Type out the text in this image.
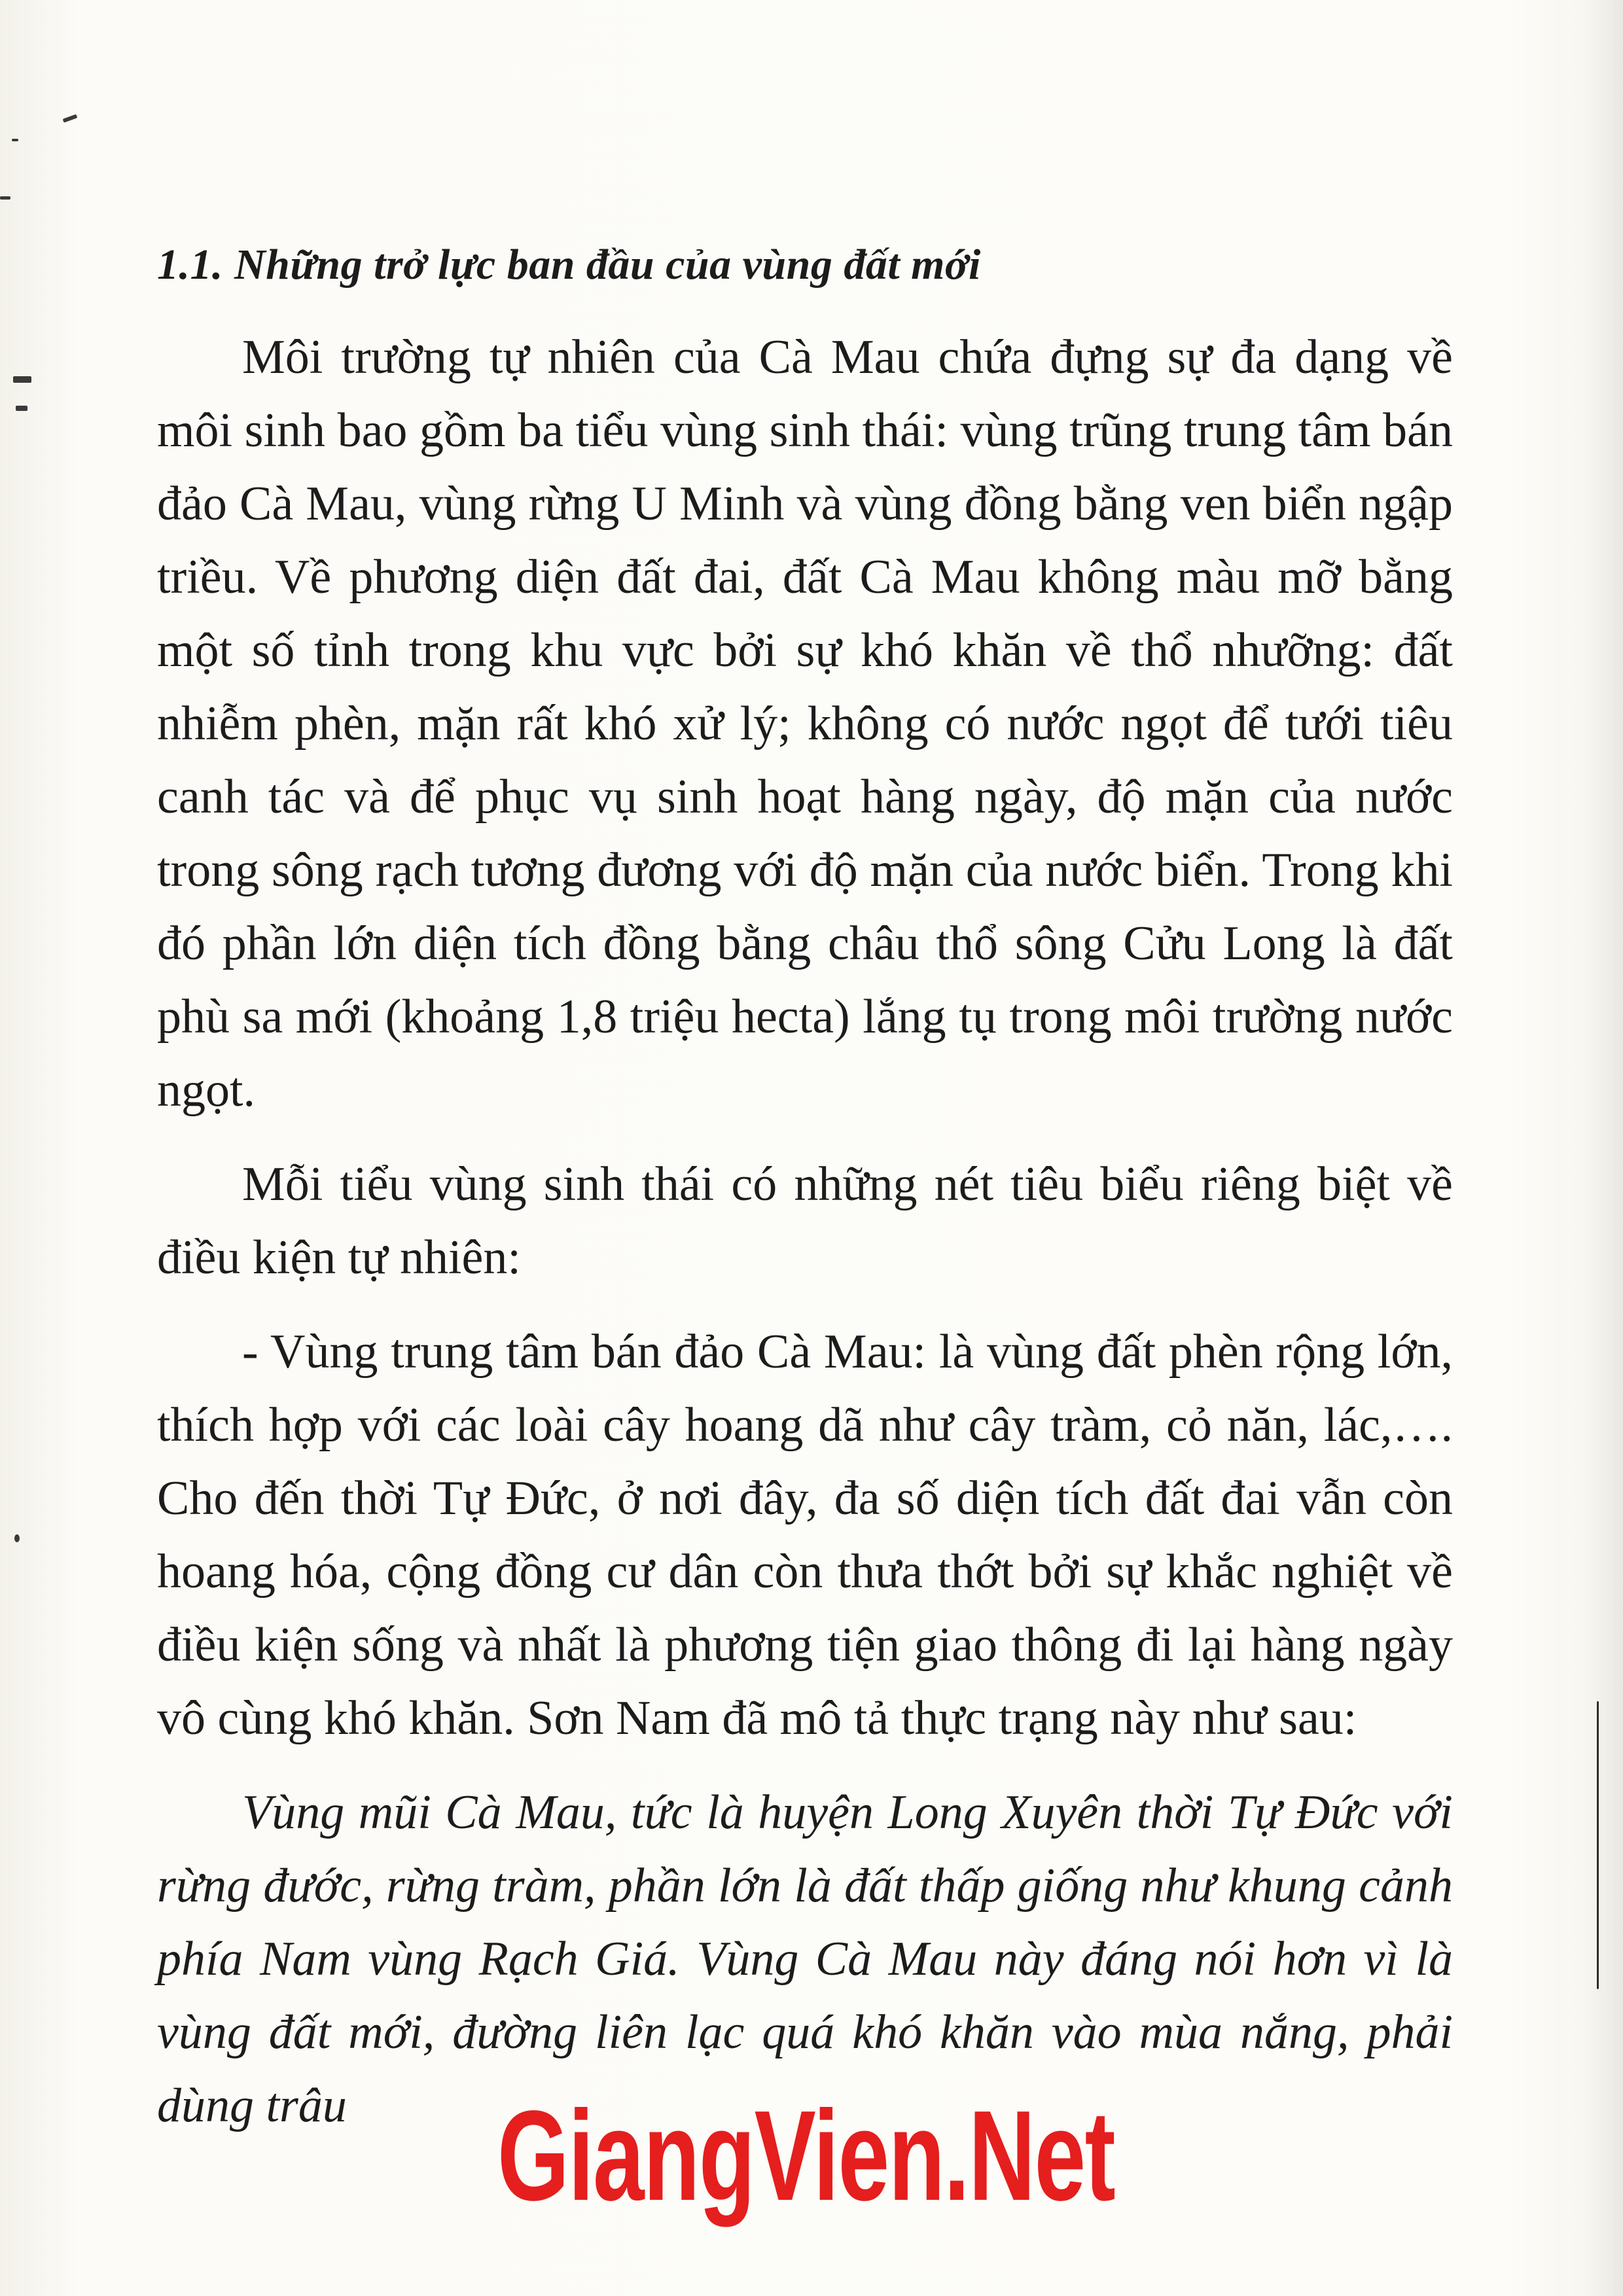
1.1. Những trở lực ban đầu của vùng đất mới

Môi trường tự nhiên của Cà Mau chứa đựng sự đa dạng về môi sinh bao gồm ba tiểu vùng sinh thái: vùng trũng trung tâm bán đảo Cà Mau, vùng rừng U Minh và vùng đồng bằng ven biển ngập triều. Về phương diện đất đai, đất Cà Mau không màu mỡ bằng một số tỉnh trong khu vực bởi sự khó khăn về thổ nhưỡng: đất nhiễm phèn, mặn rất khó xử lý; không có nước ngọt để tưới tiêu canh tác và để phục vụ sinh hoạt hàng ngày, độ mặn của nước trong sông rạch tương đương với độ mặn của nước biển. Trong khi đó phần lớn diện tích đồng bằng châu thổ sông Cửu Long là đất phù sa mới (khoảng 1,8 triệu hecta) lắng tụ trong môi trường nước ngọt.

Mỗi tiểu vùng sinh thái có những nét tiêu biểu riêng biệt về điều kiện tự nhiên:

- Vùng trung tâm bán đảo Cà Mau: là vùng đất phèn rộng lớn, thích hợp với các loài cây hoang dã như cây tràm, cỏ năn, lác,…. Cho đến thời Tự Đức, ở nơi đây, đa số diện tích đất đai vẫn còn hoang hóa, cộng đồng cư dân còn thưa thớt bởi sự khắc nghiệt về điều kiện sống và nhất là phương tiện giao thông đi lại hàng ngày vô cùng khó khăn. Sơn Nam đã mô tả thực trạng này như sau:

Vùng mũi Cà Mau, tức là huyện Long Xuyên thời Tự Đức với rừng đước, rừng tràm, phần lớn là đất thấp giống như khung cảnh phía Nam vùng Rạch Giá. Vùng Cà Mau này đáng nói hơn vì là vùng đất mới, đường liên lạc quá khó khăn vào mùa nắng, phải dùng trâu	GiangVien.Net
